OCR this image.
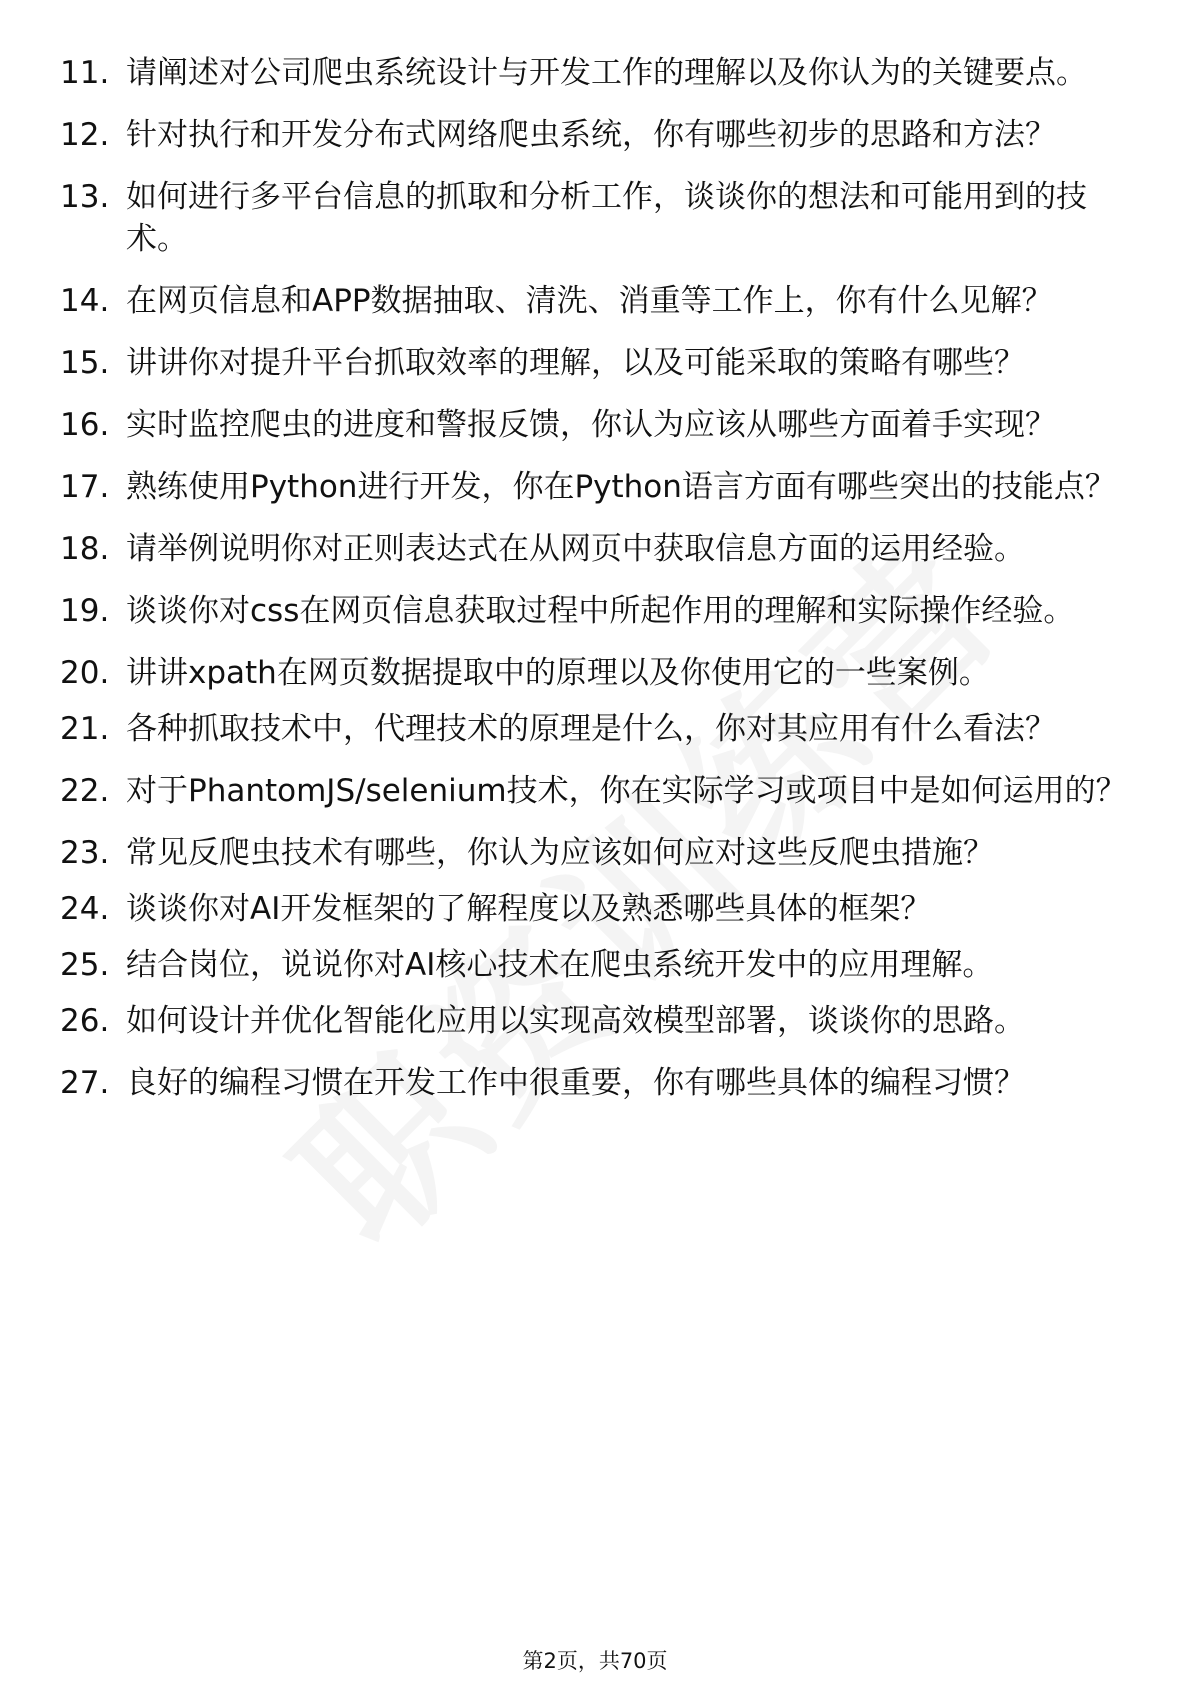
11. 请阐述对公司爬虫系统设计与开发工作的理解以及你认为的关键要点。
12. 针对执行和开发分布式网络爬虫系统，你有哪些初步的思路和方法？
13. 如何进行多平台信息的抓取和分析工作，谈谈你的想法和可能用到的技术。
14. 在网页信息和APP数据抽取、清洗、消重等工作上，你有什么见解？
15. 讲讲你对提升平台抓取效率的理解，以及可能采取的策略有哪些？
16. 实时监控爬虫的进度和警报反馈，你认为应该从哪些方面着手实现？
17. 熟练使用Python进行开发，你在Python语言方面有哪些突出的技能点？
18. 请举例说明你对正则表达式在从网页中获取信息方面的运用经验。
19. 谈谈你对css在网页信息获取过程中所起作用的理解和实际操作经验。
20. 讲讲xpath在网页数据提取中的原理以及你使用它的一些案例。
21. 各种抓取技术中，代理技术的原理是什么，你对其应用有什么看法？
22. 对于PhantomJS/selenium技术，你在实际学习或项目中是如何运用的？
23. 常见反爬虫技术有哪些，你认为应该如何应对这些反爬虫措施？
24. 谈谈你对AI开发框架的了解程度以及熟悉哪些具体的框架？
25. 结合岗位，说说你对AI核心技术在爬虫系统开发中的应用理解。
26. 如何设计并优化智能化应用以实现高效模型部署，谈谈你的思路。
27. 良好的编程习惯在开发工作中很重要，你有哪些具体的编程习惯？
第2页，共70页
